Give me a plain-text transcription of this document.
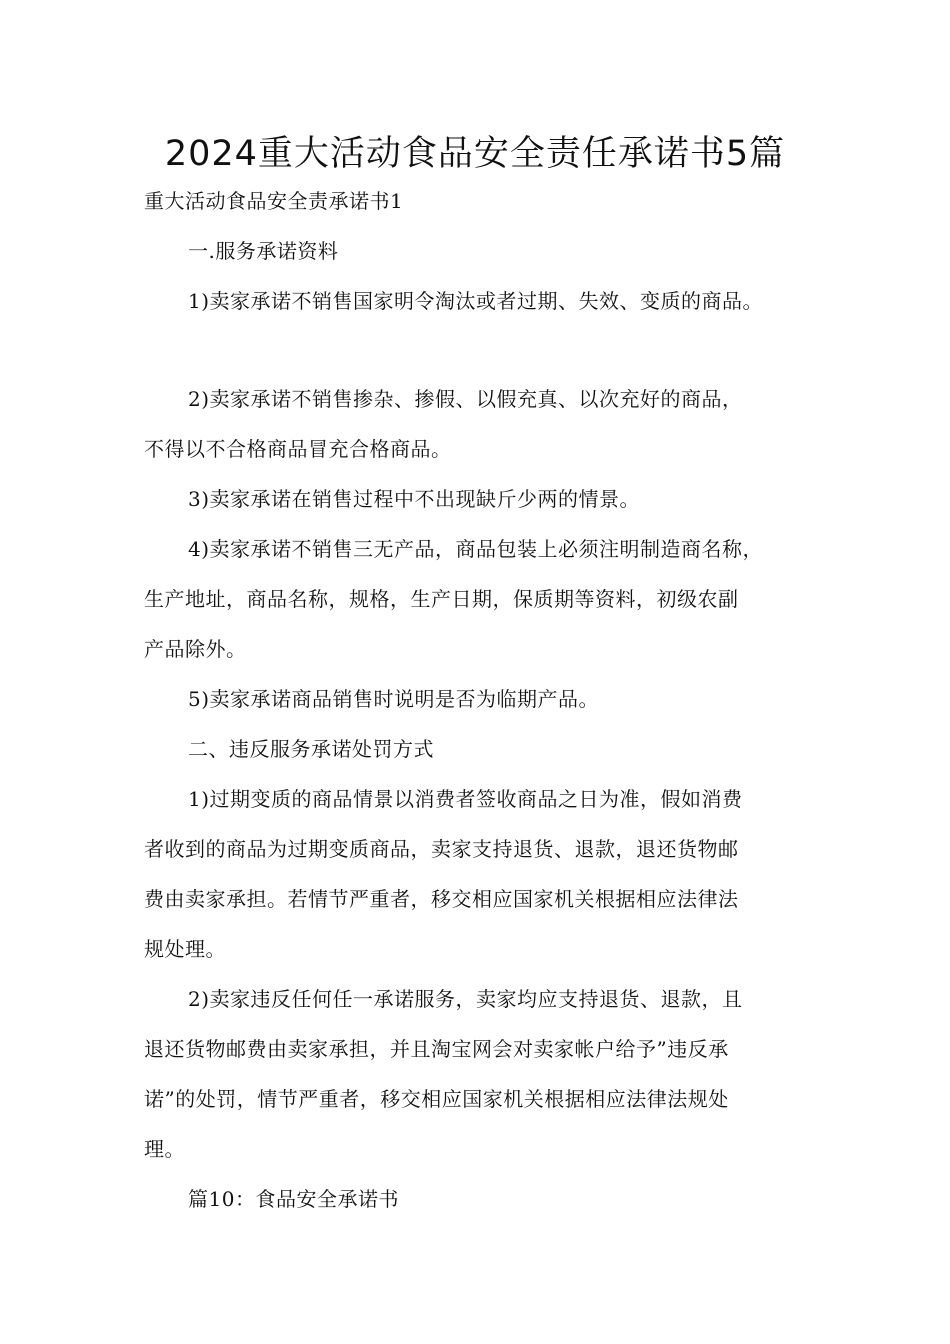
2024重大活动食品安全责任承诺书5篇
重大活动食品安全责承诺书1
一.服务承诺资料
1)卖家承诺不销售国家明令淘汰或者过期、失效、变质的商品。
2)卖家承诺不销售掺杂、掺假、以假充真、以次充好的商品，
不得以不合格商品冒充合格商品。
3)卖家承诺在销售过程中不出现缺斤少两的情景。
4)卖家承诺不销售三无产品，商品包装上必须注明制造商名称，
生产地址，商品名称，规格，生产日期，保质期等资料，初级农副
产品除外。
5)卖家承诺商品销售时说明是否为临期产品。
二、违反服务承诺处罚方式
1)过期变质的商品情景以消费者签收商品之日为准，假如消费
者收到的商品为过期变质商品，卖家支持退货、退款，退还货物邮
费由卖家承担。若情节严重者，移交相应国家机关根据相应法律法
规处理。
2)卖家违反任何任一承诺服务，卖家均应支持退货、退款，且
退还货物邮费由卖家承担，并且淘宝网会对卖家帐户给予”违反承
诺”的处罚，情节严重者，移交相应国家机关根据相应法律法规处
理。
篇10：食品安全承诺书
